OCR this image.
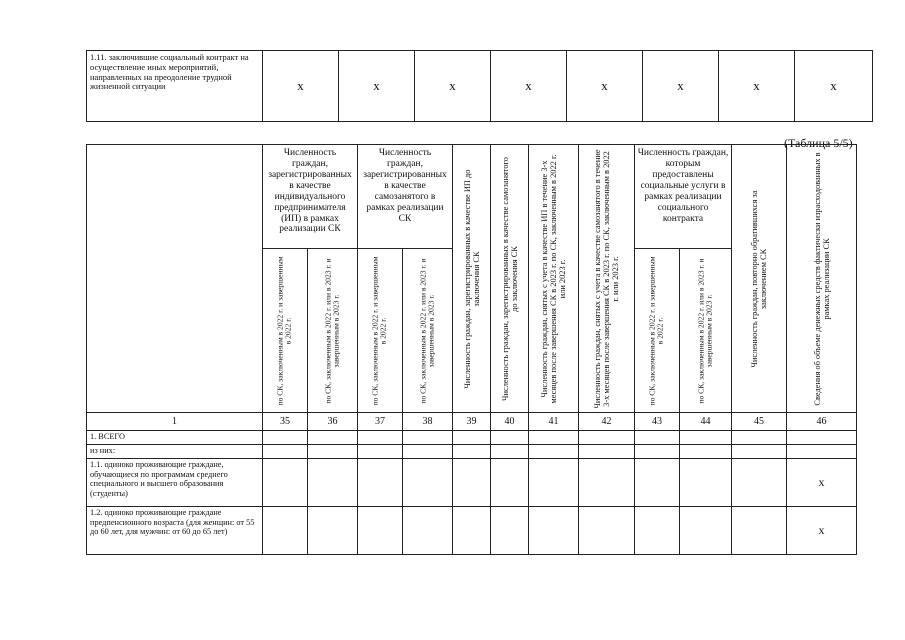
1.11. заключившие социальный контракт на осуществление иных мероприятий, направленных на преодоление трудной жизненной ситуации	x	x	x	x	x	x	x	x
(Таблица 5/5)
	Численность граждан, зарегистрированных в качестве индивидуального предпринимателя (ИП) в рамках реализации СК		Численность граждан, зарегистрированных в качестве самозанятого в рамках реализации СК		Численность граждан, зарегистрированных в качестве ИП до заключения СК	Численность граждан, зарегистрированных в качестве самозанятого до заключения СК	Численность граждан, снятых с учета в качестве ИП в течение 3-х месяцев после завершения СК в 2023 г. по СК, заключенным в 2022 г. или 2023 г.	Численность граждан, снятых с учета в качестве самозанятого в течение 3-х месяцев после завершения СК в 2023 г. по СК, заключенным в 2022 г. или 2023 г.	Численность граждан, которым предоставлены социальные услуги в рамках реализации социального контракта		Численность граждан, повторно обратившихся за заключением СК	Сведения об объеме денежных средств фактически израсходованных в рамках реализации СК

	по СК, заключенным в 2022 г. и завершенным в 2022 г.	по СК, заключенным в 2022 г. или в 2023 г. и завершенным в 2023 г.	по СК, заключенным в 2022 г. и завершенным в 2022 г.	по СК, заключенным в 2022 г. или в 2023 г. и завершенным в 2023 г.					по СК, заключенным в 2022 г. и завершенным в 2022 г.	по СК, заключенным в 2022 г. или в 2023 г. и завершенным в 2023 г.		

1	35	36	37	38	39	40	41	42	43	44	45	46
1. ВСЕГО												
из них:												
1.1. одиноко проживающие граждане, обучающиеся по программам среднего специального и высшего образования (студенты)												x
1.2. одиноко проживающие граждане предпенсионного возраста (для женщин: от 55 до 60 лет, для мужчин: от 60 до 65 лет)												x
